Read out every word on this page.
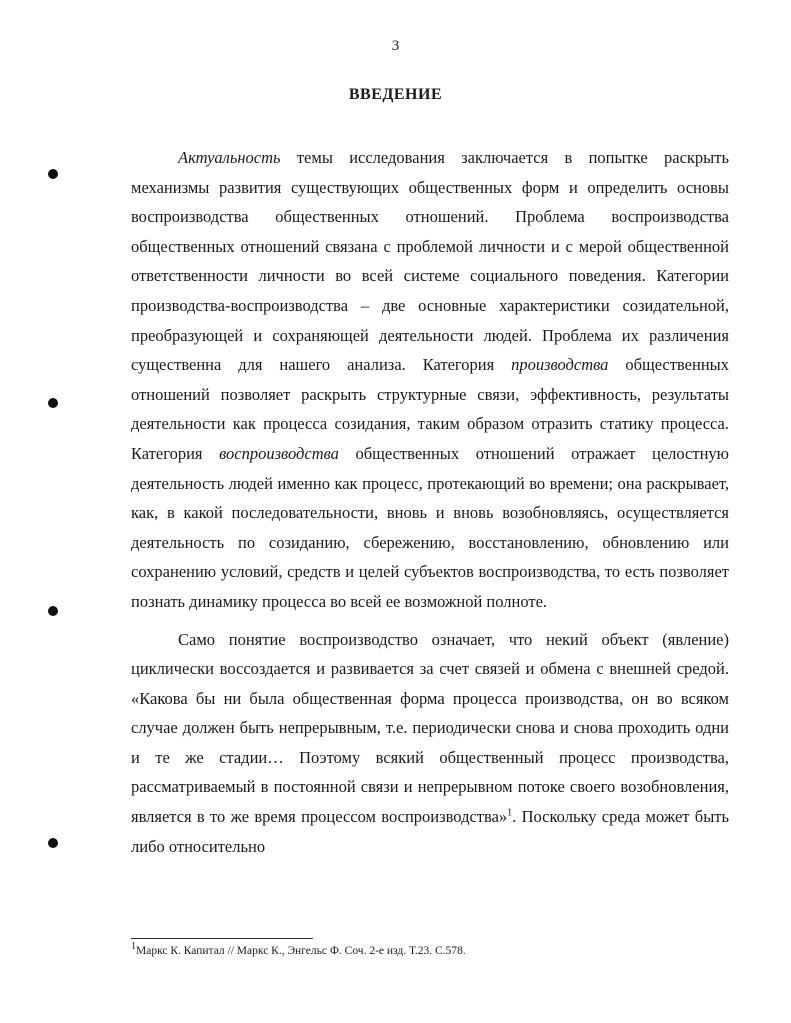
3
ВВЕДЕНИЕ

Актуальность темы исследования заключается в попытке раскрыть механизмы развития существующих общественных форм и определить основы воспроизводства общественных отношений. Проблема воспроизводства общественных отношений связана с проблемой личности и с мерой общественной ответственности личности во всей системе социального поведения. Категории производства-воспроизводства – две основные характеристики созидательной, преобразующей и сохраняющей деятельности людей. Проблема их различения существенна для нашего анализа. Категория производства общественных отношений позволяет раскрыть структурные связи, эффективность, результаты деятельности как процесса созидания, таким образом отразить статику процесса. Категория воспроизводства общественных отношений отражает целостную деятельность людей именно как процесс, протекающий во времени; она раскрывает, как, в какой последовательности, вновь и вновь возобновляясь, осуществляется деятельность по созиданию, сбережению, восстановлению, обновлению или сохранению условий, средств и целей субъектов воспроизводства, то есть позволяет познать динамику процесса во всей ее возможной полноте.

Само понятие воспроизводство означает, что некий объект (явление) циклически воссоздается и развивается за счет связей и обмена с внешней средой. «Какова бы ни была общественная форма процесса производства, он во всяком случае должен быть непрерывным, т.е. периодически снова и снова проходить одни и те же стадии… Поэтому всякий общественный процесс производства, рассматриваемый в постоянной связи и непрерывном потоке своего возобновления, является в то же время процессом воспроизводства»$^1$. Поскольку среда может быть либо относительно

$^1$Маркс К. Капитал // Маркс К., Энгельс Ф. Соч. 2-е изд. Т.23. С.578.
